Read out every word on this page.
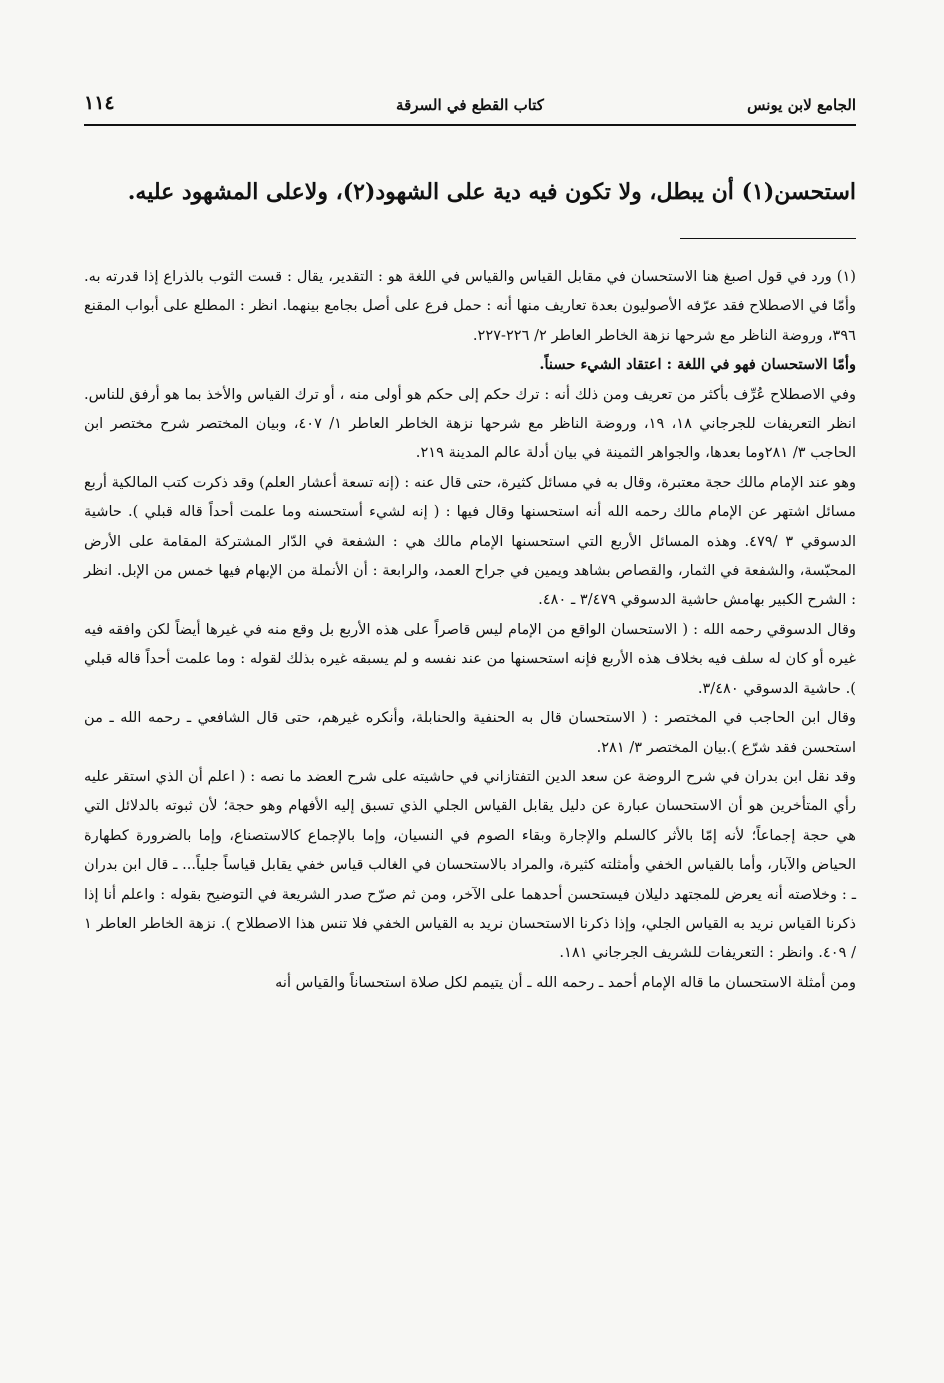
الجامع لابن يونس
كتاب القطع في السرقة
١١٤
استحسن(١) أن يبطل، ولا تكون فيه دية على الشهود(٢)، ولاعلى المشهود عليه.

(١) ورد في قول اصبغ هنا الاستحسان في مقابل القياس والقياس في اللغة هو : التقدير، يقال : قست الثوب بالذراع إذا قدرته به. وأمّا في الاصطلاح فقد عرّفه الأصوليون بعدة تعاريف منها أنه : حمل فرع على أصل بجامع بينهما. انظر : المطلع على أبواب المقنع ٣٩٦، وروضة الناظر مع شرحها نزهة الخاطر العاطر ٢/ ٢٢٦-٢٢٧.

وأمّا الاستحسان فهو في اللغة : اعتقاد الشيء حسناً.

وفي الاصطلاح عُرِّف بأكثر من تعريف ومن ذلك أنه : ترك حكم إلى حكم هو أولى منه ، أو ترك القياس والأخذ بما هو أرفق للناس. انظر التعريفات للجرجاني ١٨، ١٩، وروضة الناظر مع شرحها نزهة الخاطر العاطر ١/ ٤٠٧، وبيان المختصر شرح مختصر ابن الحاجب ٣/ ٢٨١وما بعدها، والجواهر الثمينة في بيان أدلة عالم المدينة ٢١٩.

وهو عند الإمام مالك حجة معتبرة، وقال به في مسائل كثيرة، حتى قال عنه : (إنه تسعة أعشار العلم) وقد ذكرت كتب المالكية أربع مسائل اشتهر عن الإمام مالك رحمه الله أنه استحسنها وقال فيها : ( إنه لشيء أستحسنه وما علمت أحداً قاله قبلي ). حاشية الدسوقي ٣ /٤٧٩. وهذه المسائل الأربع التي استحسنها الإمام مالك هي : الشفعة في الدّار المشتركة المقامة على الأرض المحبّسة، والشفعة في الثمار، والقصاص بشاهد ويمين في جراح العمد، والرابعة : أن الأنملة من الإبهام فيها خمس من الإبل. انظر : الشرح الكبير بهامش حاشية الدسوقي ٣/٤٧٩ ـ ٤٨٠.

وقال الدسوقي رحمه الله : ( الاستحسان الواقع من الإمام ليس قاصراً على هذه الأربع بل وقع منه في غيرها أيضاً لكن وافقه فيه غيره أو كان له سلف فيه بخلاف هذه الأربع فإنه استحسنها من عند نفسه و لم يسبقه غيره بذلك لقوله : وما علمت أحداً قاله قبلي ). حاشية الدسوقي ٣/٤٨٠.

وقال ابن الحاجب في المختصر : ( الاستحسان قال به الحنفية والحنابلة، وأنكره غيرهم، حتى قال الشافعي ـ رحمه الله ـ من استحسن فقد شرّع ).بيان المختصر ٣/ ٢٨١.

وقد نقل ابن بدران في شرح الروضة عن سعد الدين التفتازاني في حاشيته على شرح العضد ما نصه : ( اعلم أن الذي استقر عليه رأي المتأخرين هو أن الاستحسان عبارة عن دليل يقابل القياس الجلي الذي تسبق إليه الأفهام وهو حجة؛ لأن ثبوته بالدلائل التي هي حجة إجماعاً؛ لأنه إمّا بالأثر كالسلم والإجارة وبقاء الصوم في النسيان، وإما بالإجماع كالاستصناع، وإما بالضرورة كطهارة الحياض والآبار، وأما بالقياس الخفي وأمثلته كثيرة، والمراد بالاستحسان في الغالب قياس خفي يقابل قياساً جلياً... ـ قال ابن بدران ـ : وخلاصته أنه يعرض للمجتهد دليلان فيستحسن أحدهما على الآخر، ومن ثم صرّح صدر الشريعة في التوضيح بقوله : واعلم أنا إذا ذكرنا القياس نريد به القياس الجلي، وإذا ذكرنا الاستحسان نريد به القياس الخفي فلا تنس هذا الاصطلاح ). نزهة الخاطر العاطر ١ / ٤٠٩. وانظر : التعريفات للشريف الجرجاني ١٨١.

ومن أمثلة الاستحسان ما قاله الإمام أحمد ـ رحمه الله ـ أن يتيمم لكل صلاة استحساناً والقياس أنه
